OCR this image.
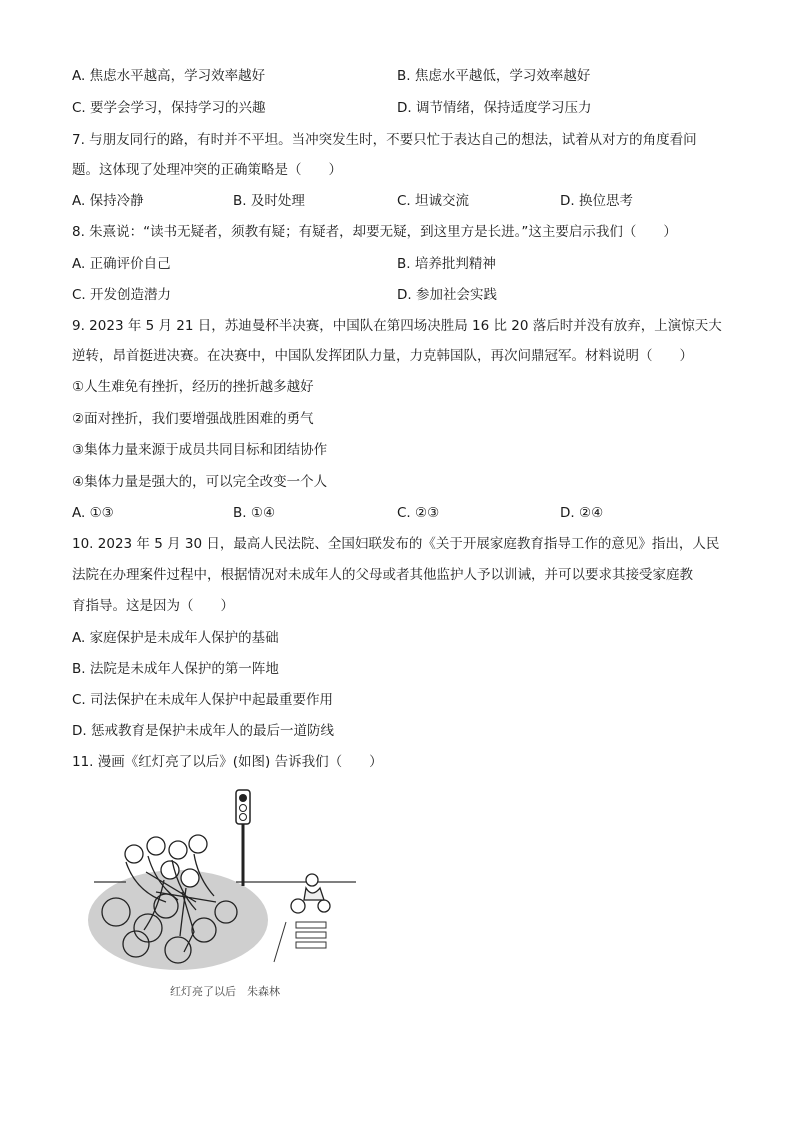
A. 焦虑水平越高，学习效率越好	B. 焦虑水平越低，学习效率越好
C. 要学会学习，保持学习的兴趣	D. 调节情绪，保持适度学习压力
7. 与朋友同行的路，有时并不平坦。当冲突发生时，不要只忙于表达自己的想法，试着从对方的角度看问
题。这体现了处理冲突的正确策略是（　　）
A. 保持冷静	B. 及时处理	C. 坦诚交流	D. 换位思考
8. 朱熹说：“读书无疑者，须教有疑；有疑者，却要无疑，到这里方是长进。”这主要启示我们（　　）
A. 正确评价自己	B. 培养批判精神
C. 开发创造潜力	D. 参加社会实践
9. 2023 年 5 月 21 日，苏迪曼杯半决赛，中国队在第四场决胜局 16 比 20 落后时并没有放弃，上演惊天大
逆转，昂首挺进决赛。在决赛中，中国队发挥团队力量，力克韩国队，再次问鼎冠军。材料说明（　　）
①人生难免有挫折，经历的挫折越多越好
②面对挫折，我们要增强战胜困难的勇气
③集体力量来源于成员共同目标和团结协作
④集体力量是强大的，可以完全改变一个人
A. ①③	B. ①④	C. ②③	D. ②④
10. 2023 年 5 月 30 日，最高人民法院、全国妇联发布的《关于开展家庭教育指导工作的意见》指出，人民
法院在办理案件过程中，根据情况对未成年人的父母或者其他监护人予以训诫，并可以要求其接受家庭教
育指导。这是因为（　　）
A. 家庭保护是未成年人保护的基础
B. 法院是未成年人保护的第一阵地
C. 司法保护在未成年人保护中起最重要作用
D. 惩戒教育是保护未成年人的最后一道防线
11. 漫画《红灯亮了以后》(如图) 告诉我们（　　）
红灯亮了以后　朱森林
